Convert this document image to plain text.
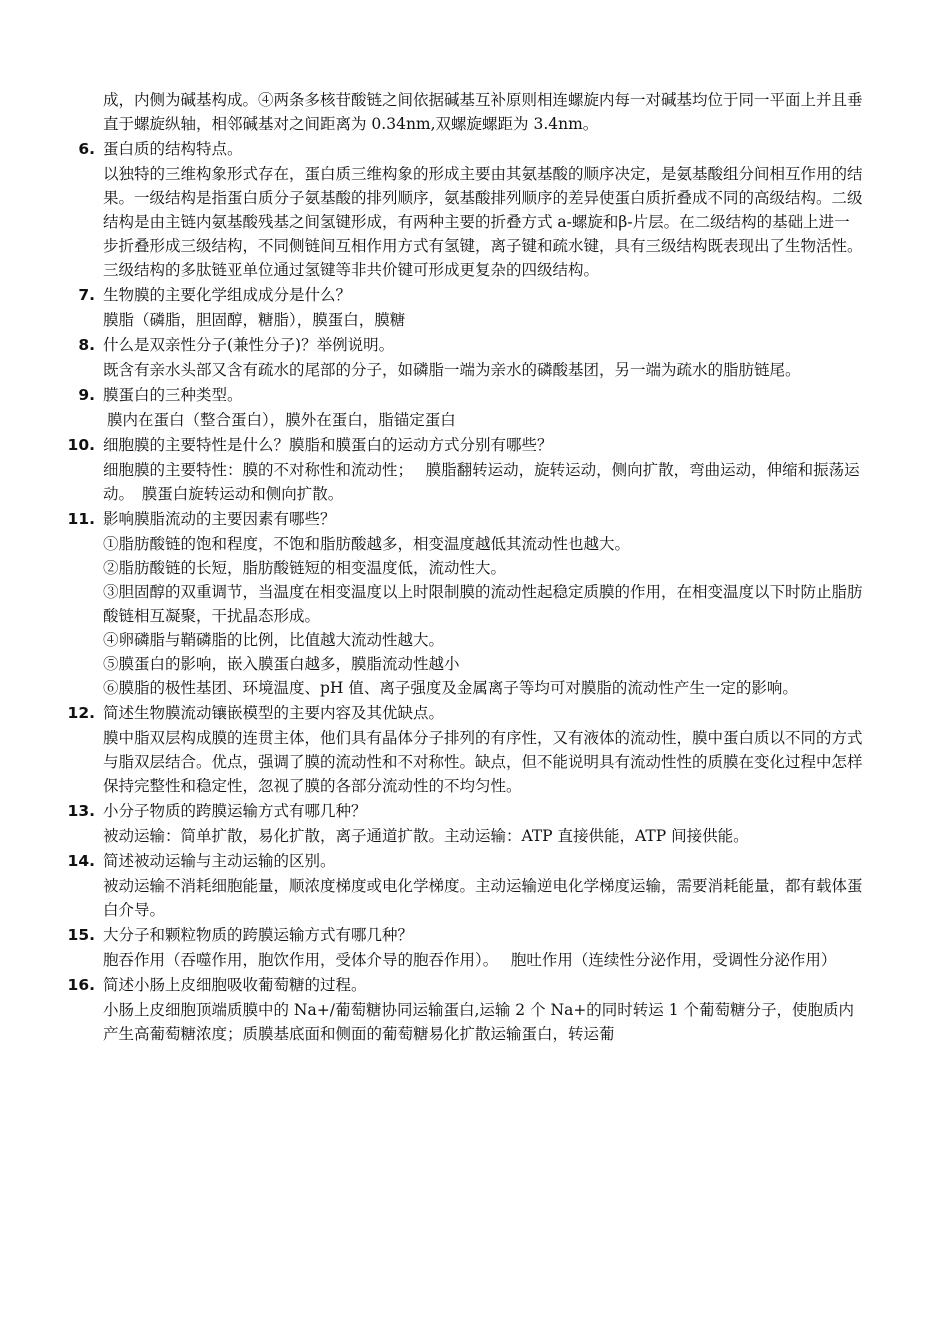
成，内侧为碱基构成。④两条多核苷酸链之间依据碱基互补原则相连螺旋内每一对碱基均位于同一平面上并且垂直于螺旋纵轴，相邻碱基对之间距离为 0.34nm,双螺旋螺距为 3.4nm。

6. 蛋白质的结构特点。

以独特的三维构象形式存在，蛋白质三维构象的形成主要由其氨基酸的顺序决定，是氨基酸组分间相互作用的结果。一级结构是指蛋白质分子氨基酸的排列顺序，氨基酸排列顺序的差异使蛋白质折叠成不同的高级结构。二级结构是由主链内氨基酸残基之间氢键形成，有两种主要的折叠方式 a-螺旋和β-片层。在二级结构的基础上进一步折叠形成三级结构，不同侧链间互相作用方式有氢键，离子键和疏水键，具有三级结构既表现出了生物活性。三级结构的多肽链亚单位通过氢键等非共价键可形成更复杂的四级结构。

7. 生物膜的主要化学组成成分是什么？

膜脂（磷脂，胆固醇，糖脂），膜蛋白，膜糖

8. 什么是双亲性分子(兼性分子)？举例说明。

既含有亲水头部又含有疏水的尾部的分子，如磷脂一端为亲水的磷酸基团，另一端为疏水的脂肪链尾。

9. 膜蛋白的三种类型。

膜内在蛋白（整合蛋白），膜外在蛋白，脂锚定蛋白

10. 细胞膜的主要特性是什么？膜脂和膜蛋白的运动方式分别有哪些？

细胞膜的主要特性：膜的不对称性和流动性；　 膜脂翻转运动，旋转运动，侧向扩散，弯曲运动，伸缩和振荡运动。　膜蛋白旋转运动和侧向扩散。

11. 影响膜脂流动的主要因素有哪些？

①脂肪酸链的饱和程度，不饱和脂肪酸越多，相变温度越低其流动性也越大。

②脂肪酸链的长短，脂肪酸链短的相变温度低，流动性大。

③胆固醇的双重调节，当温度在相变温度以上时限制膜的流动性起稳定质膜的作用，在相变温度以下时防止脂肪酸链相互凝聚，干扰晶态形成。

④卵磷脂与鞘磷脂的比例，比值越大流动性越大。

⑤膜蛋白的影响，嵌入膜蛋白越多，膜脂流动性越小

⑥膜脂的极性基团、环境温度、pH 值、离子强度及金属离子等均可对膜脂的流动性产生一定的影响。

12. 简述生物膜流动镶嵌模型的主要内容及其优缺点。

膜中脂双层构成膜的连贯主体，他们具有晶体分子排列的有序性，又有液体的流动性，膜中蛋白质以不同的方式与脂双层结合。优点，强调了膜的流动性和不对称性。缺点，但不能说明具有流动性性的质膜在变化过程中怎样保持完整性和稳定性，忽视了膜的各部分流动性的不均匀性。

13. 小分子物质的跨膜运输方式有哪几种？

被动运输：简单扩散，易化扩散，离子通道扩散。主动运输：ATP 直接供能，ATP 间接供能。

14. 简述被动运输与主动运输的区别。

被动运输不消耗细胞能量，顺浓度梯度或电化学梯度。主动运输逆电化学梯度运输，需要消耗能量，都有载体蛋白介导。

15. 大分子和颗粒物质的跨膜运输方式有哪几种？

胞吞作用（吞噬作用，胞饮作用，受体介导的胞吞作用）。　 胞吐作用（连续性分泌作用，受调性分泌作用）

16. 简述小肠上皮细胞吸收葡萄糖的过程。

小肠上皮细胞顶端质膜中的 Na+/葡萄糖协同运输蛋白,运输 2 个 Na+的同时转运 1 个葡萄糖分子，使胞质内产生高葡萄糖浓度；质膜基底面和侧面的葡萄糖易化扩散运输蛋白，转运葡
